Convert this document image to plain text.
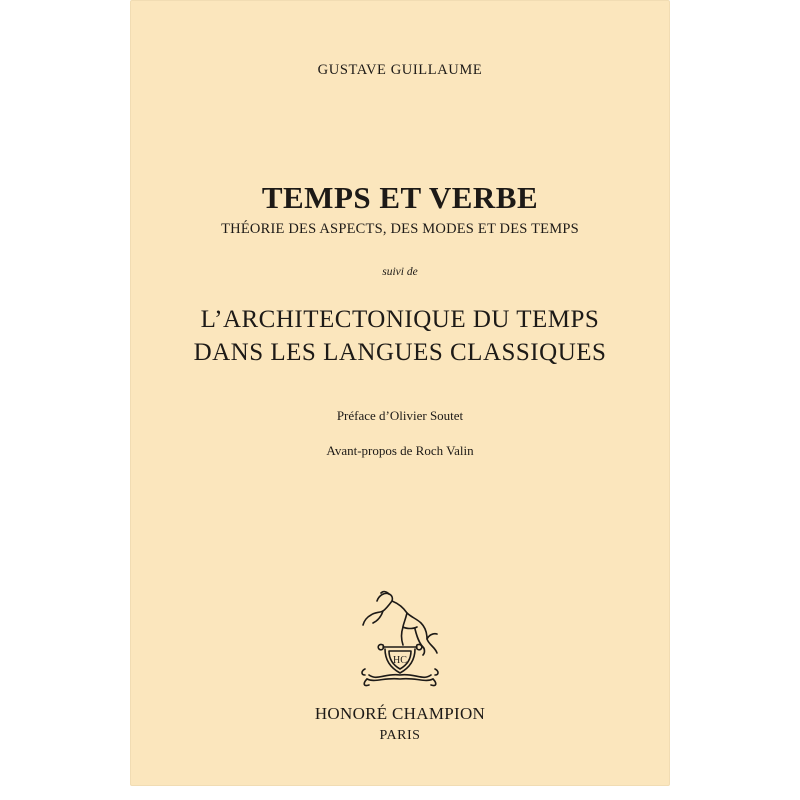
GUSTAVE GUILLAUME
TEMPS ET VERBE
THÉORIE DES ASPECTS, DES MODES ET DES TEMPS
suivi de
L’ARCHITECTONIQUE DU TEMPS
DANS LES LANGUES CLASSIQUES
Préface d’Olivier Soutet
Avant-propos de Roch Valin
HC
HONORÉ CHAMPION
PARIS
